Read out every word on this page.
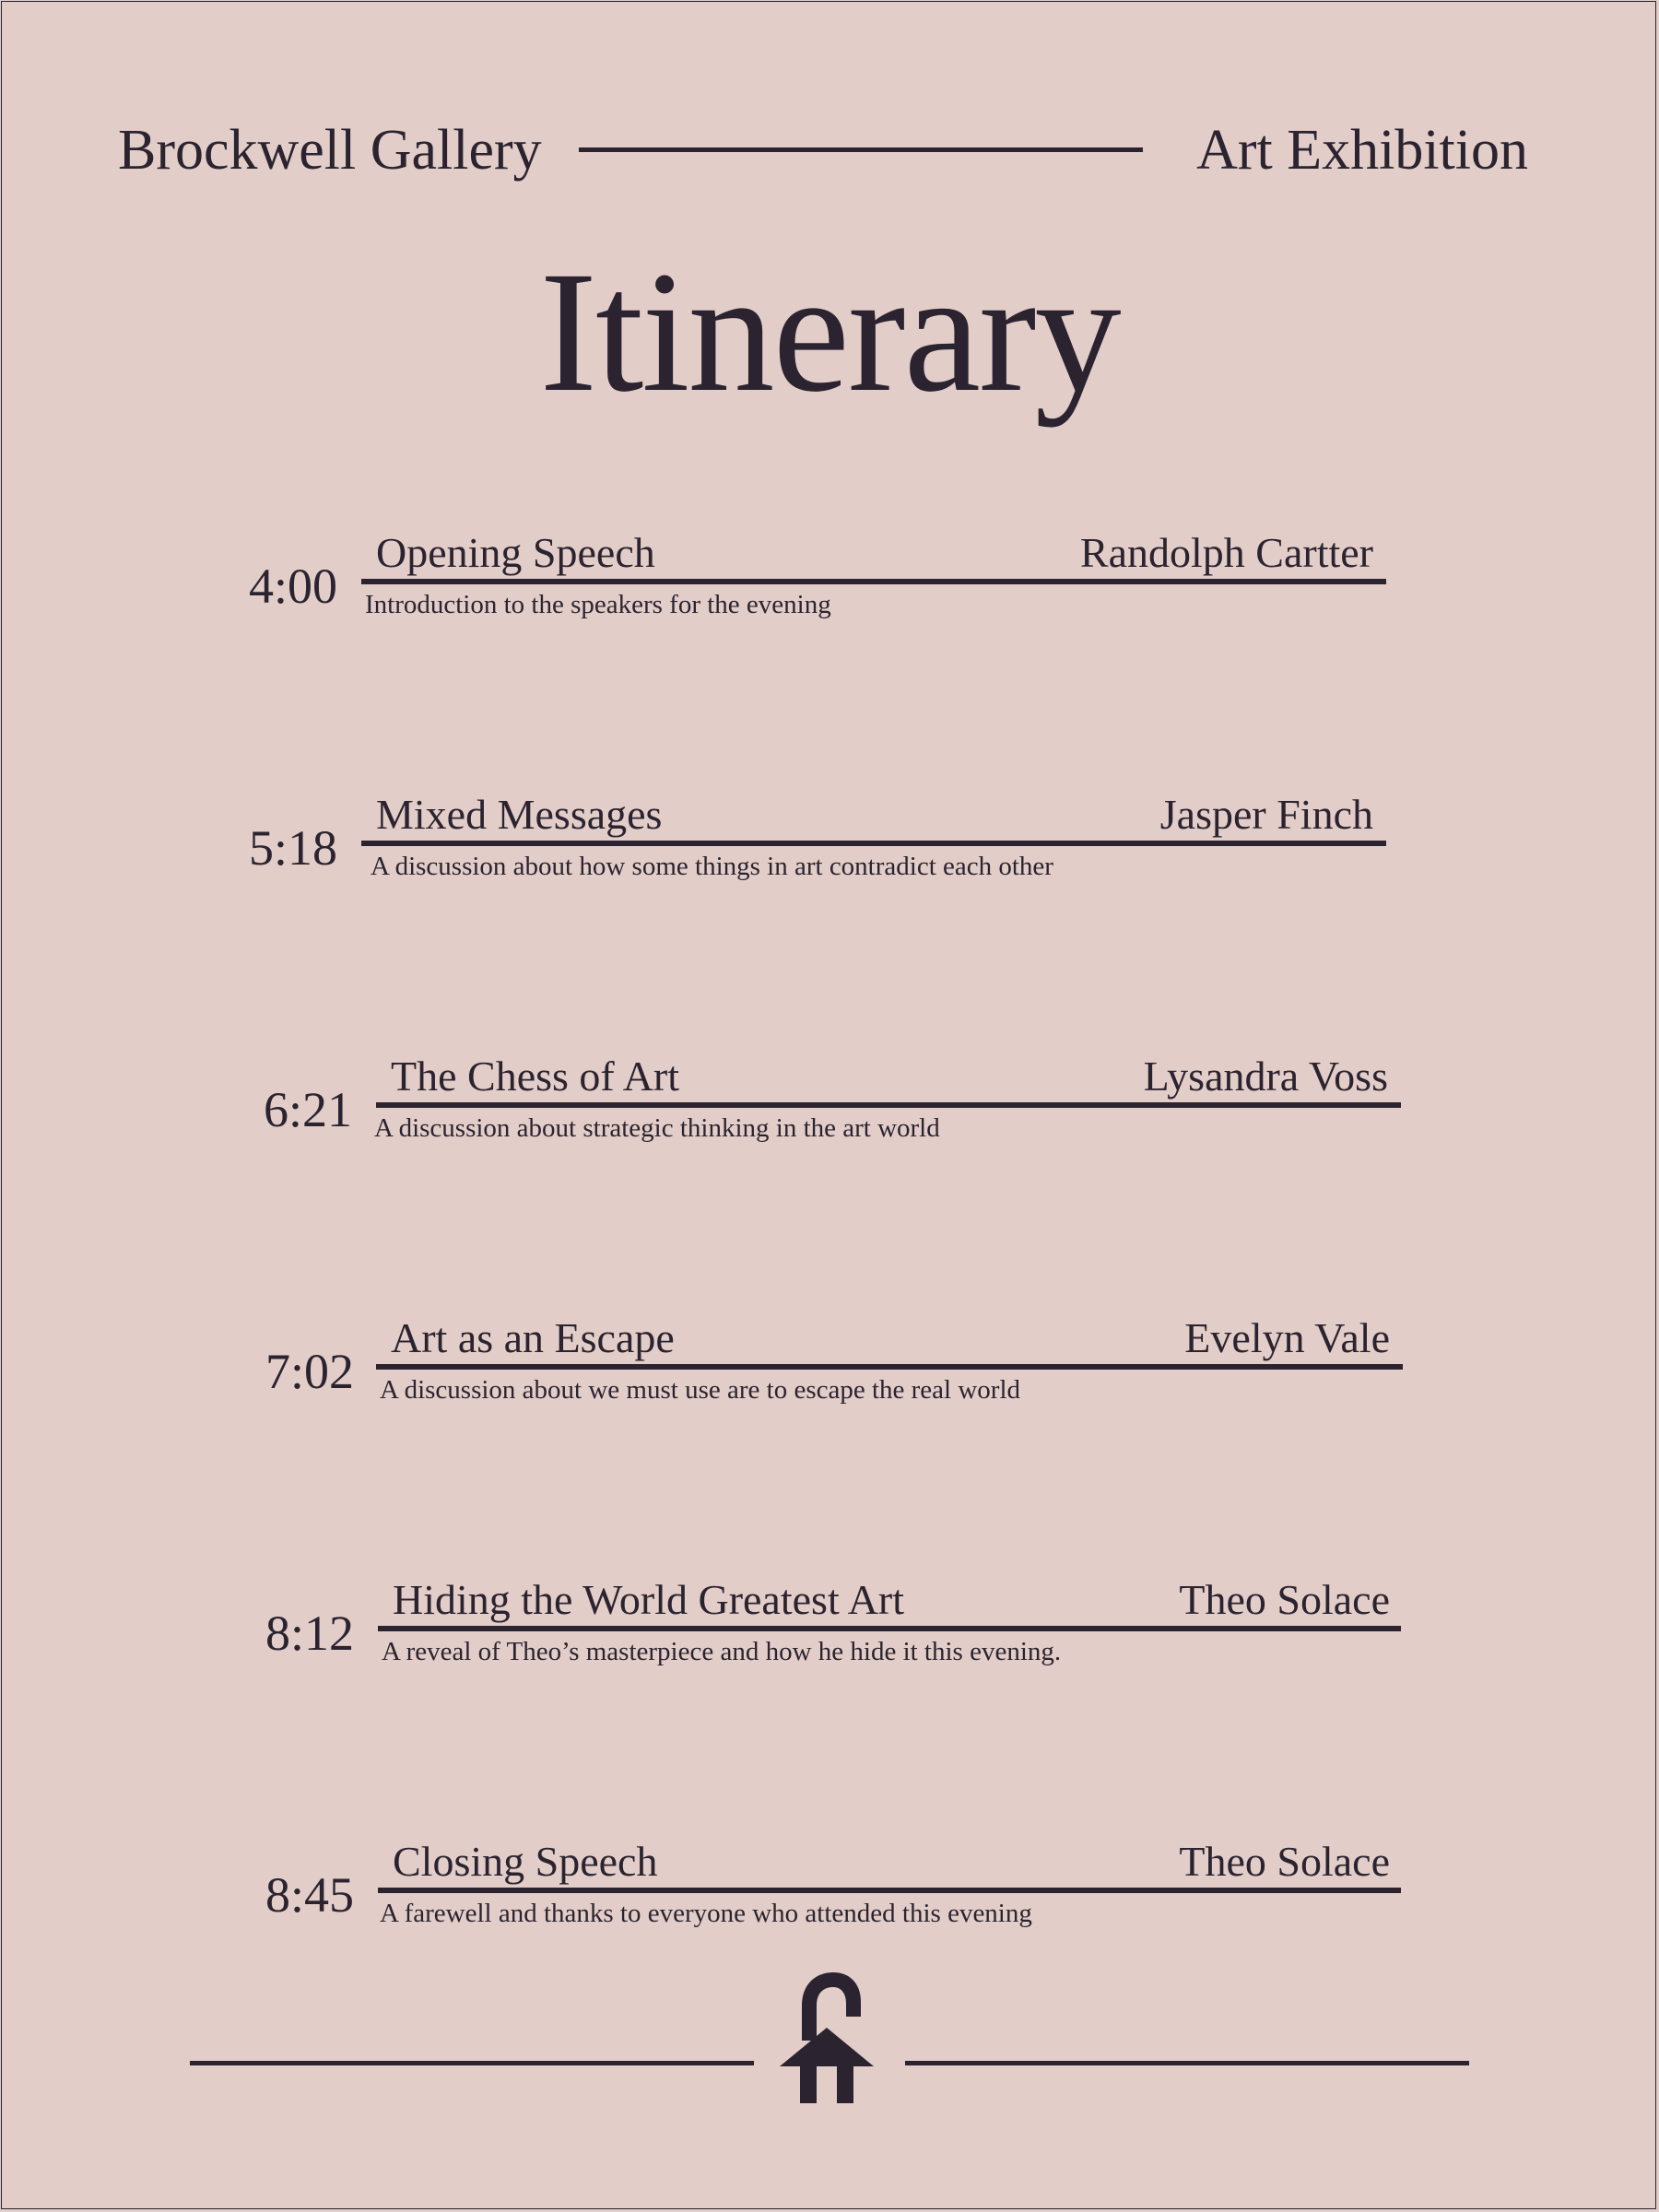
Brockwell Gallery	Art Exhibition
Itinerary
4:00
Opening Speech	Randolph Cartter
Introduction to the speakers for the evening
5:18
Mixed Messages	Jasper Finch
A discussion about how some things in art contradict each other
6:21
The Chess of Art	Lysandra Voss
A discussion about strategic thinking in the art world
7:02
Art as an Escape	Evelyn Vale
A discussion about we must use are to escape the real world
8:12
Hiding the World Greatest Art	Theo Solace
A reveal of Theo’s masterpiece and how he hide it this evening.
8:45
Closing Speech	Theo Solace
A farewell and thanks to everyone who attended this evening
